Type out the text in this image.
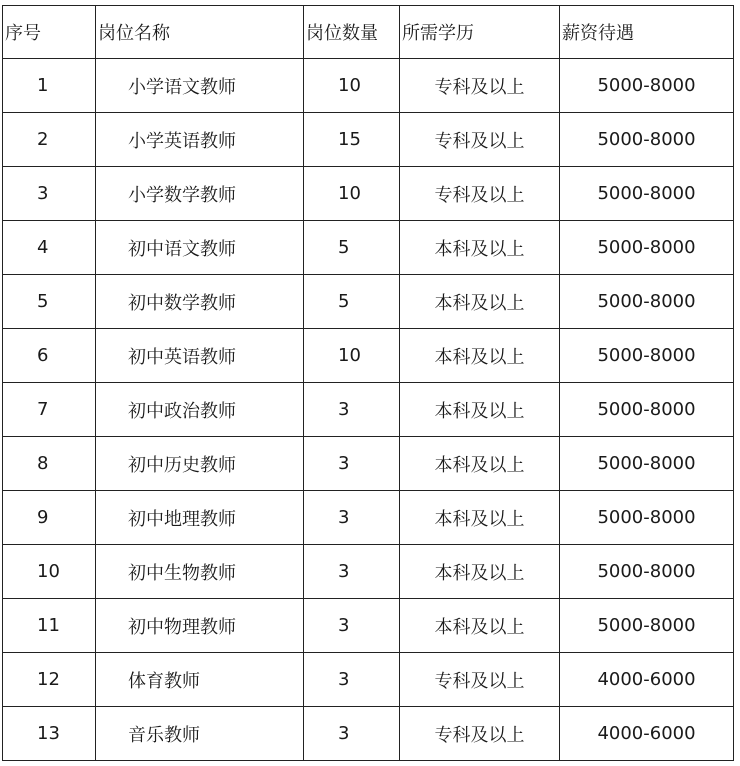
序号	岗位名称	岗位数量	所需学历	薪资待遇
1	小学语文教师	10	专科及以上	5000-8000
2	小学英语教师	15	专科及以上	5000-8000
3	小学数学教师	10	专科及以上	5000-8000
4	初中语文教师	5	本科及以上	5000-8000
5	初中数学教师	5	本科及以上	5000-8000
6	初中英语教师	10	本科及以上	5000-8000
7	初中政治教师	3	本科及以上	5000-8000
8	初中历史教师	3	本科及以上	5000-8000
9	初中地理教师	3	本科及以上	5000-8000
10	初中生物教师	3	本科及以上	5000-8000
11	初中物理教师	3	本科及以上	5000-8000
12	体育教师	3	专科及以上	4000-6000
13	音乐教师	3	专科及以上	4000-6000
